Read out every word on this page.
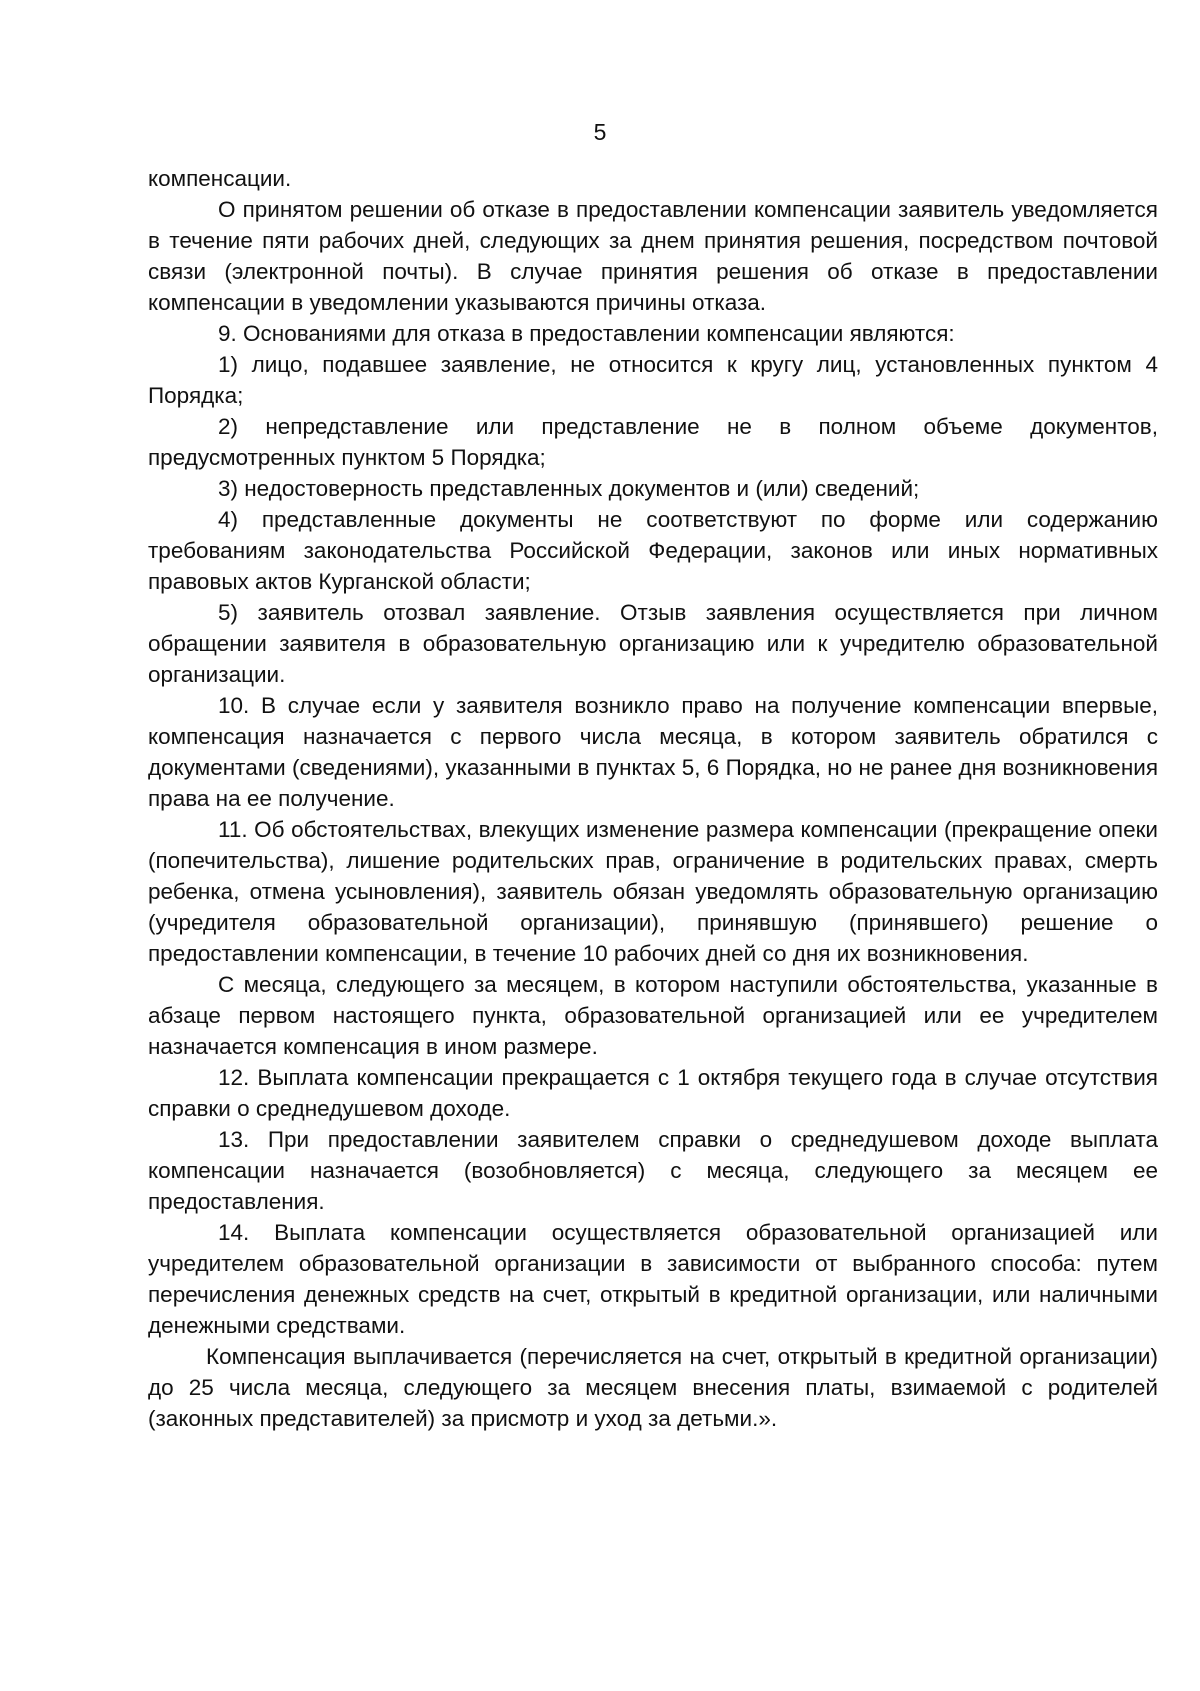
5

компенсации.

О принятом решении об отказе в предоставлении компенсации заявитель уведомляется в течение пяти рабочих дней, следующих за днем принятия решения, посредством почтовой связи (электронной почты). В случае принятия решения об отказе в предоставлении компенсации в уведомлении указываются причины отказа.

9. Основаниями для отказа в предоставлении компенсации являются:

1) лицо, подавшее заявление, не относится к кругу лиц, установленных пунктом 4 Порядка;

2) непредставление или представление не в полном объеме документов, предусмотренных пунктом 5 Порядка;

3) недостоверность представленных документов и (или) сведений;

4) представленные документы не соответствуют по форме или содержанию требованиям законодательства Российской Федерации, законов или иных нормативных правовых актов Курганской области;

5) заявитель отозвал заявление. Отзыв заявления осуществляется при личном обращении заявителя в образовательную организацию или к учредителю образовательной организации.

10. В случае если у заявителя возникло право на получение компенсации впервые, компенсация назначается с первого числа месяца, в котором заявитель обратился с документами (сведениями), указанными в пунктах 5, 6 Порядка, но не ранее дня возникновения права на ее получение.

11. Об обстоятельствах, влекущих изменение размера компенсации (прекращение опеки (попечительства), лишение родительских прав, ограничение в родительских правах, смерть ребенка, отмена усыновления), заявитель обязан уведомлять образовательную организацию (учредителя образовательной организации), принявшую (принявшего) решение о предоставлении компенсации, в течение 10 рабочих дней со дня их возникновения.

С месяца, следующего за месяцем, в котором наступили обстоятельства, указанные в абзаце первом настоящего пункта, образовательной организацией или ее учредителем назначается компенсация в ином размере.

12. Выплата компенсации прекращается с 1 октября текущего года в случае отсутствия справки о среднедушевом доходе.

13. При предоставлении заявителем справки о среднедушевом доходе выплата компенсации назначается (возобновляется) с месяца, следующего за месяцем ее предоставления.

14. Выплата компенсации осуществляется образовательной организацией или учредителем образовательной организации в зависимости от выбранного способа: путем перечисления денежных средств на счет, открытый в кредитной организации, или наличными денежными средствами.

Компенсация выплачивается (перечисляется на счет, открытый в кредитной организации) до 25 числа месяца, следующего за месяцем внесения платы, взимаемой с родителей (законных представителей) за присмотр и уход за детьми.».
